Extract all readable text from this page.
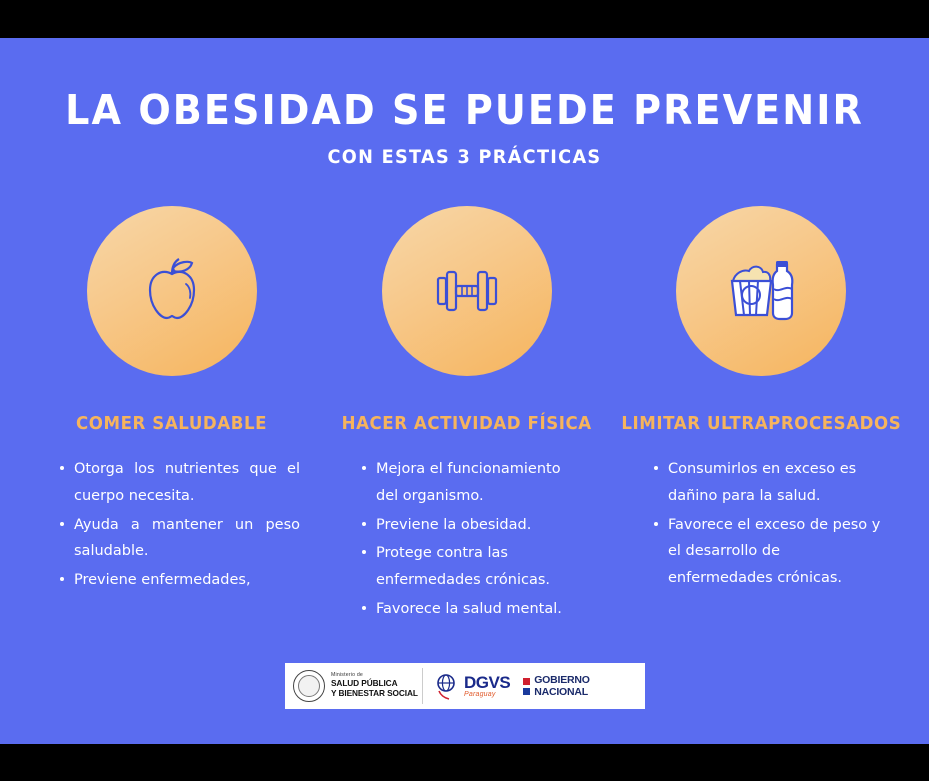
LA OBESIDAD SE PUEDE PREVENIR
CON ESTAS 3 PRÁCTICAS
COMER SALUDABLE
Otorga los nutrientes que el cuerpo necesita.
Ayuda a mantener un peso saludable.
Previene enfermedades,
HACER ACTIVIDAD FÍSICA
Mejora el funcionamiento del organismo.
Previene la obesidad.
Protege contra las enfermedades crónicas.
Favorece la salud mental.
LIMITAR ULTRAPROCESADOS
Consumirlos en exceso es dañino para la salud.
Favorece el exceso de peso y el desarrollo de enfermedades crónicas.
Ministerio de
SALUD PÚBLICA
Y BIENESTAR SOCIAL
DGVS
Paraguay
GOBIERNO
NACIONAL
